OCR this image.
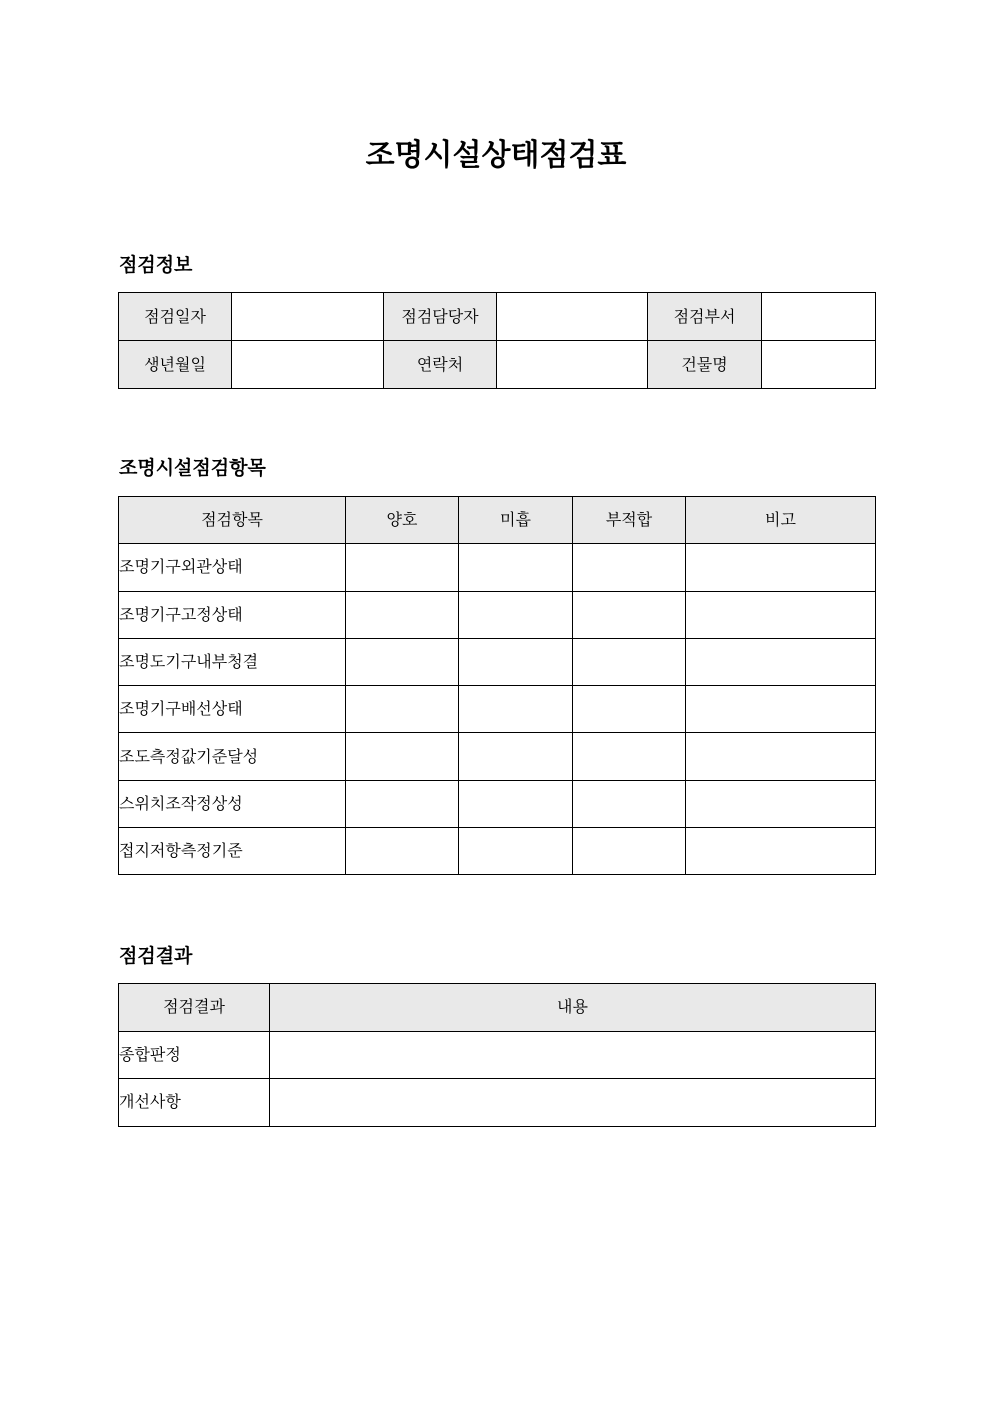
조명시설상태점검표
점검정보
점검일자		점검담당자		점검부서	
생년월일		연락처		건물명	
조명시설점검항목
점검항목	양호	미흡	부적합	비고
조명기구외관상태				
조명기구고정상태				
조명도기구내부청결				
조명기구배선상태				
조도측정값기준달성				
스위치조작정상성				
접지저항측정기준				
점검결과
점검결과	내용
종합판정	
개선사항	
